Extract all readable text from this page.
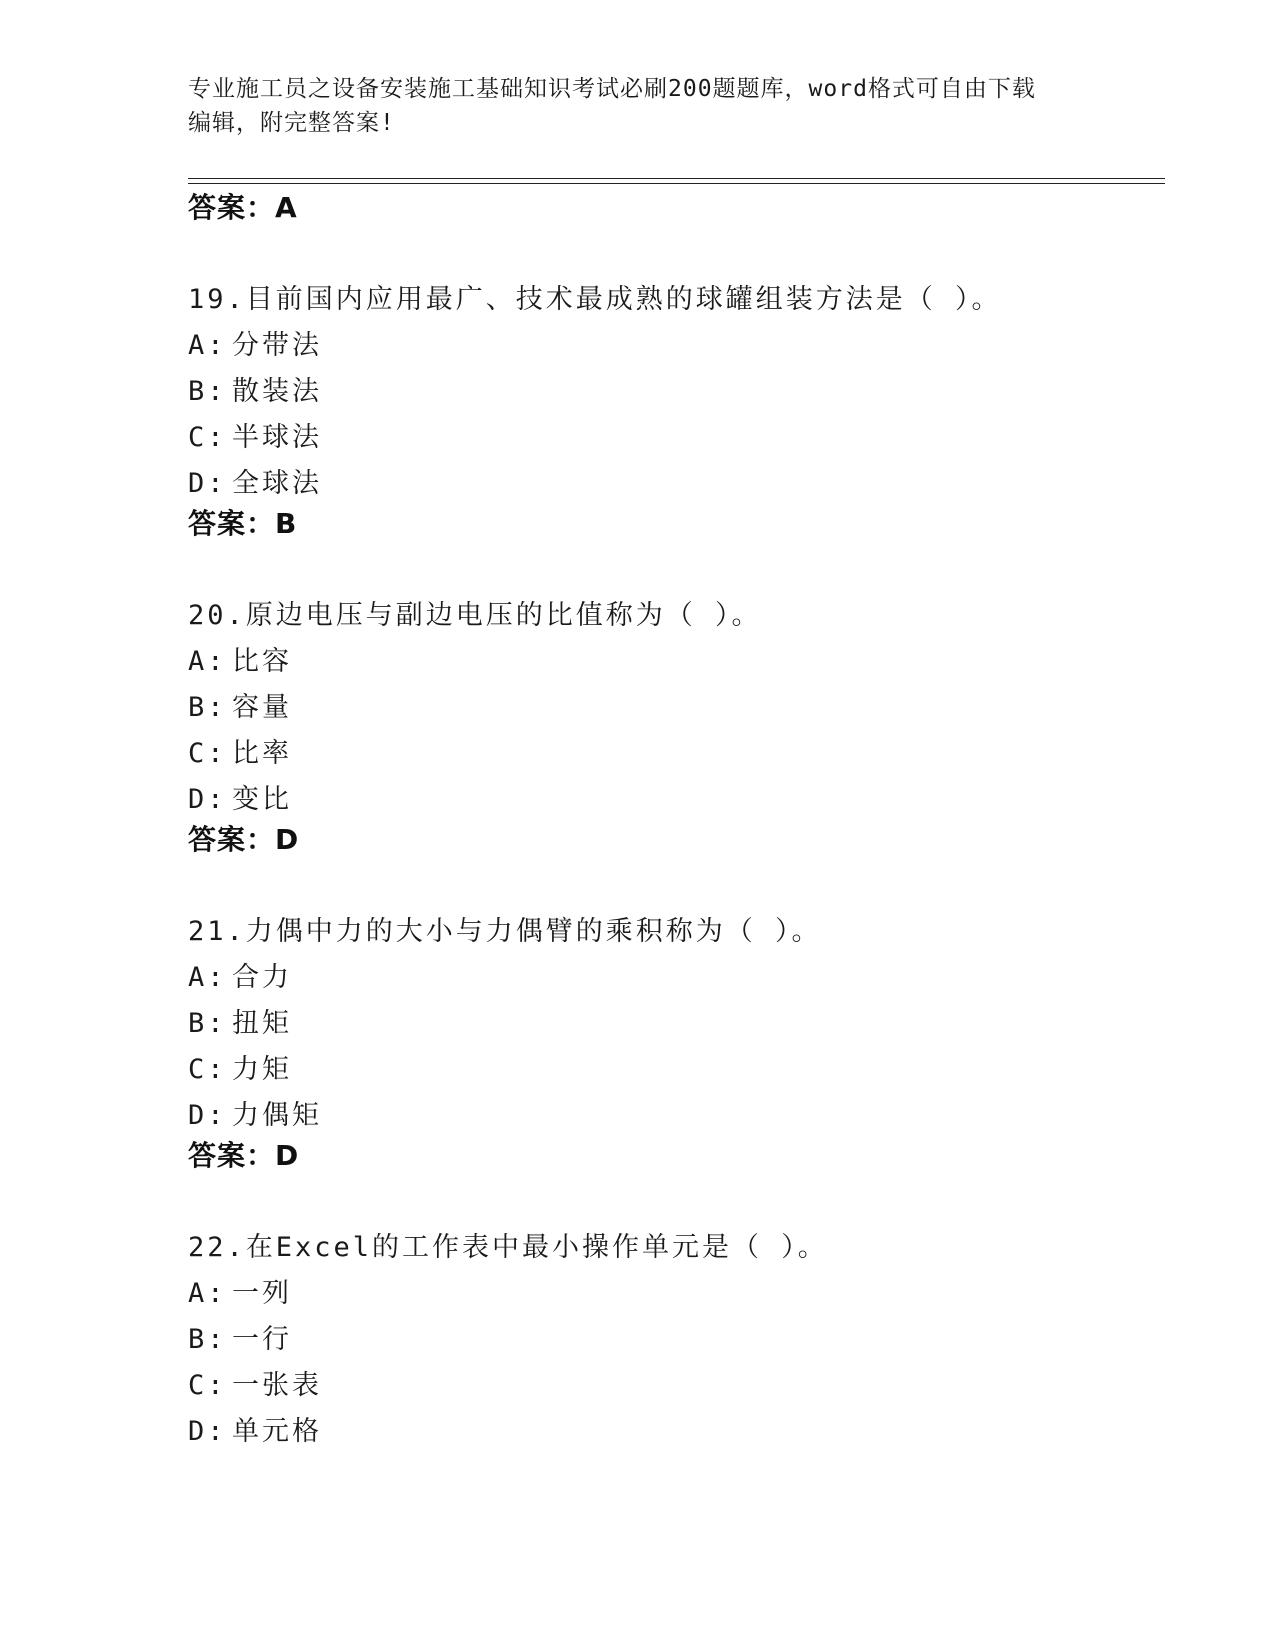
专业施工员之设备安装施工基础知识考试必刷200题题库，word格式可自由下载
编辑，附完整答案!
答案：A
19.目前国内应用最广、技术最成熟的球罐组装方法是（ ）。
A: 分带法
B: 散装法
C: 半球法
D: 全球法
答案：B
20.原边电压与副边电压的比值称为（ ）。
A: 比容
B: 容量
C: 比率
D: 变比
答案：D
21.力偶中力的大小与力偶臂的乘积称为（ ）。
A: 合力
B: 扭矩
C: 力矩
D: 力偶矩
答案：D
22.在Excel的工作表中最小操作单元是（ ）。
A: 一列
B: 一行
C: 一张表
D: 单元格
